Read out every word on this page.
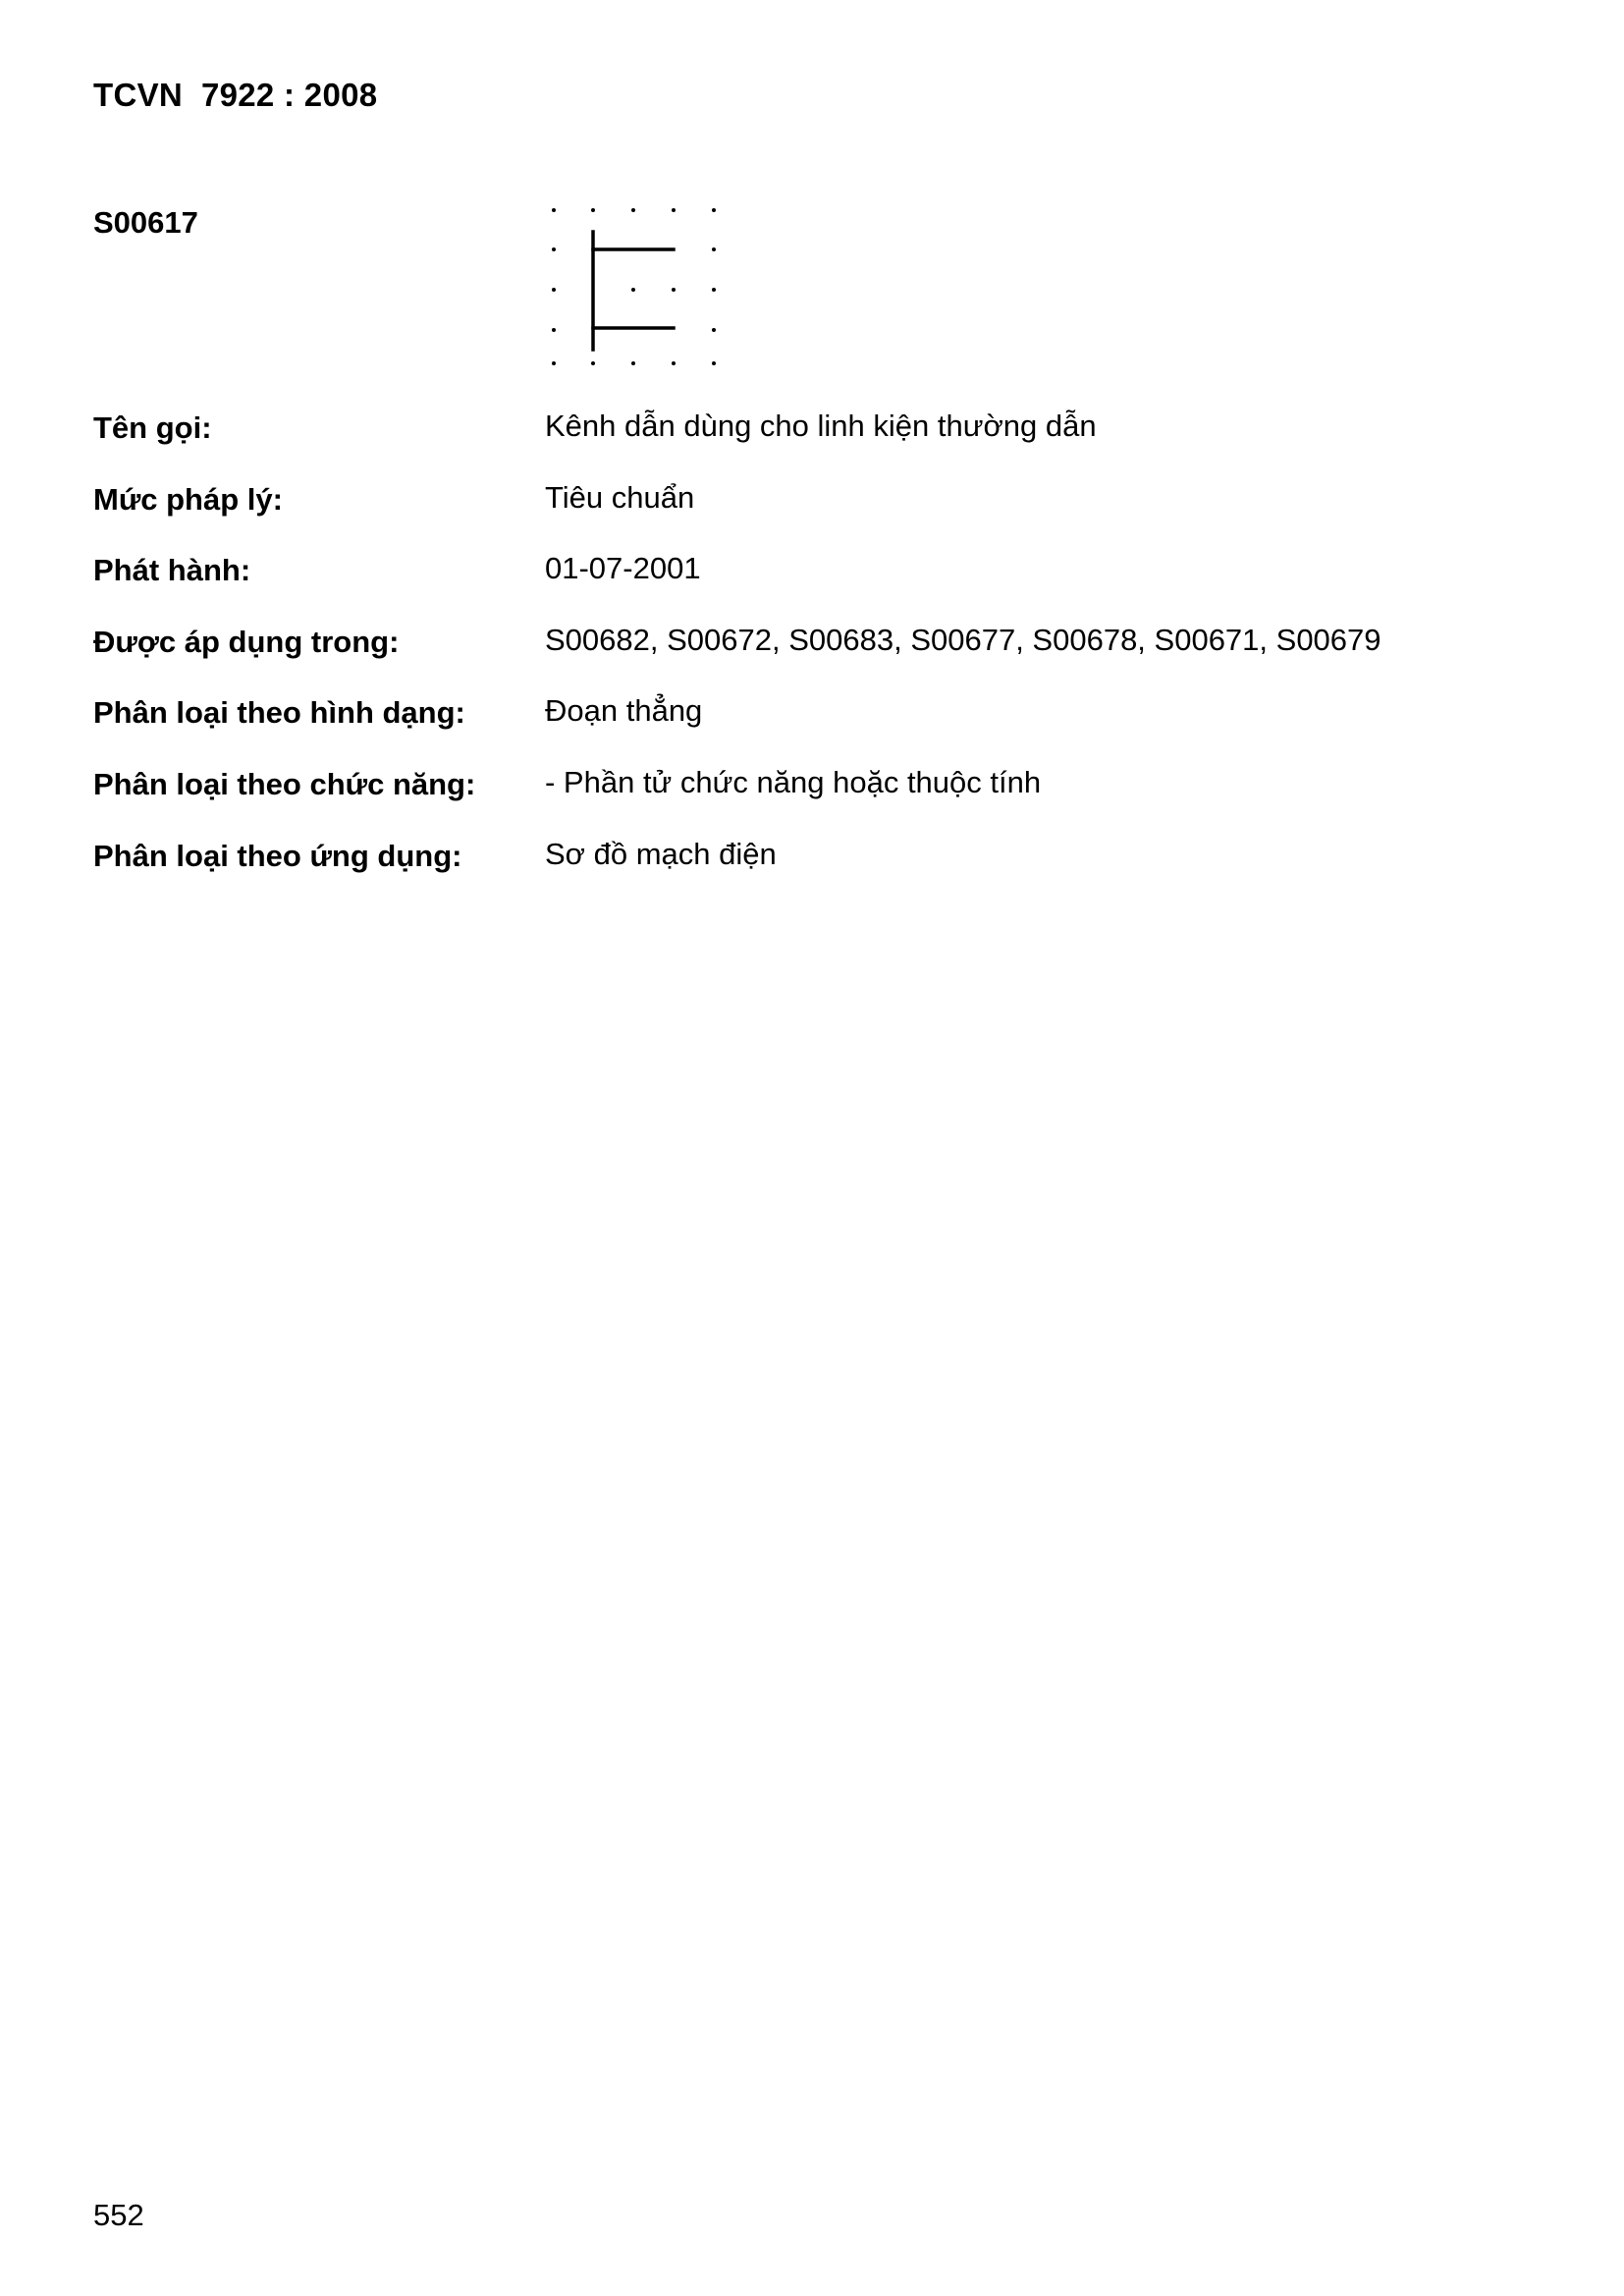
TCVN  7922 : 2008
S00617
Tên gọi:	Kênh dẫn dùng cho linh kiện thường dẫn
Mức pháp lý:	Tiêu chuẩn
Phát hành:	01-07-2001
Được áp dụng trong:	S00682, S00672, S00683, S00677, S00678, S00671, S00679
Phân loại theo hình dạng:	Đoạn thẳng
Phân loại theo chức năng: - Phần tử chức năng hoặc thuộc tính
Phân loại theo ứng dụng:	Sơ đồ mạch điện
552
